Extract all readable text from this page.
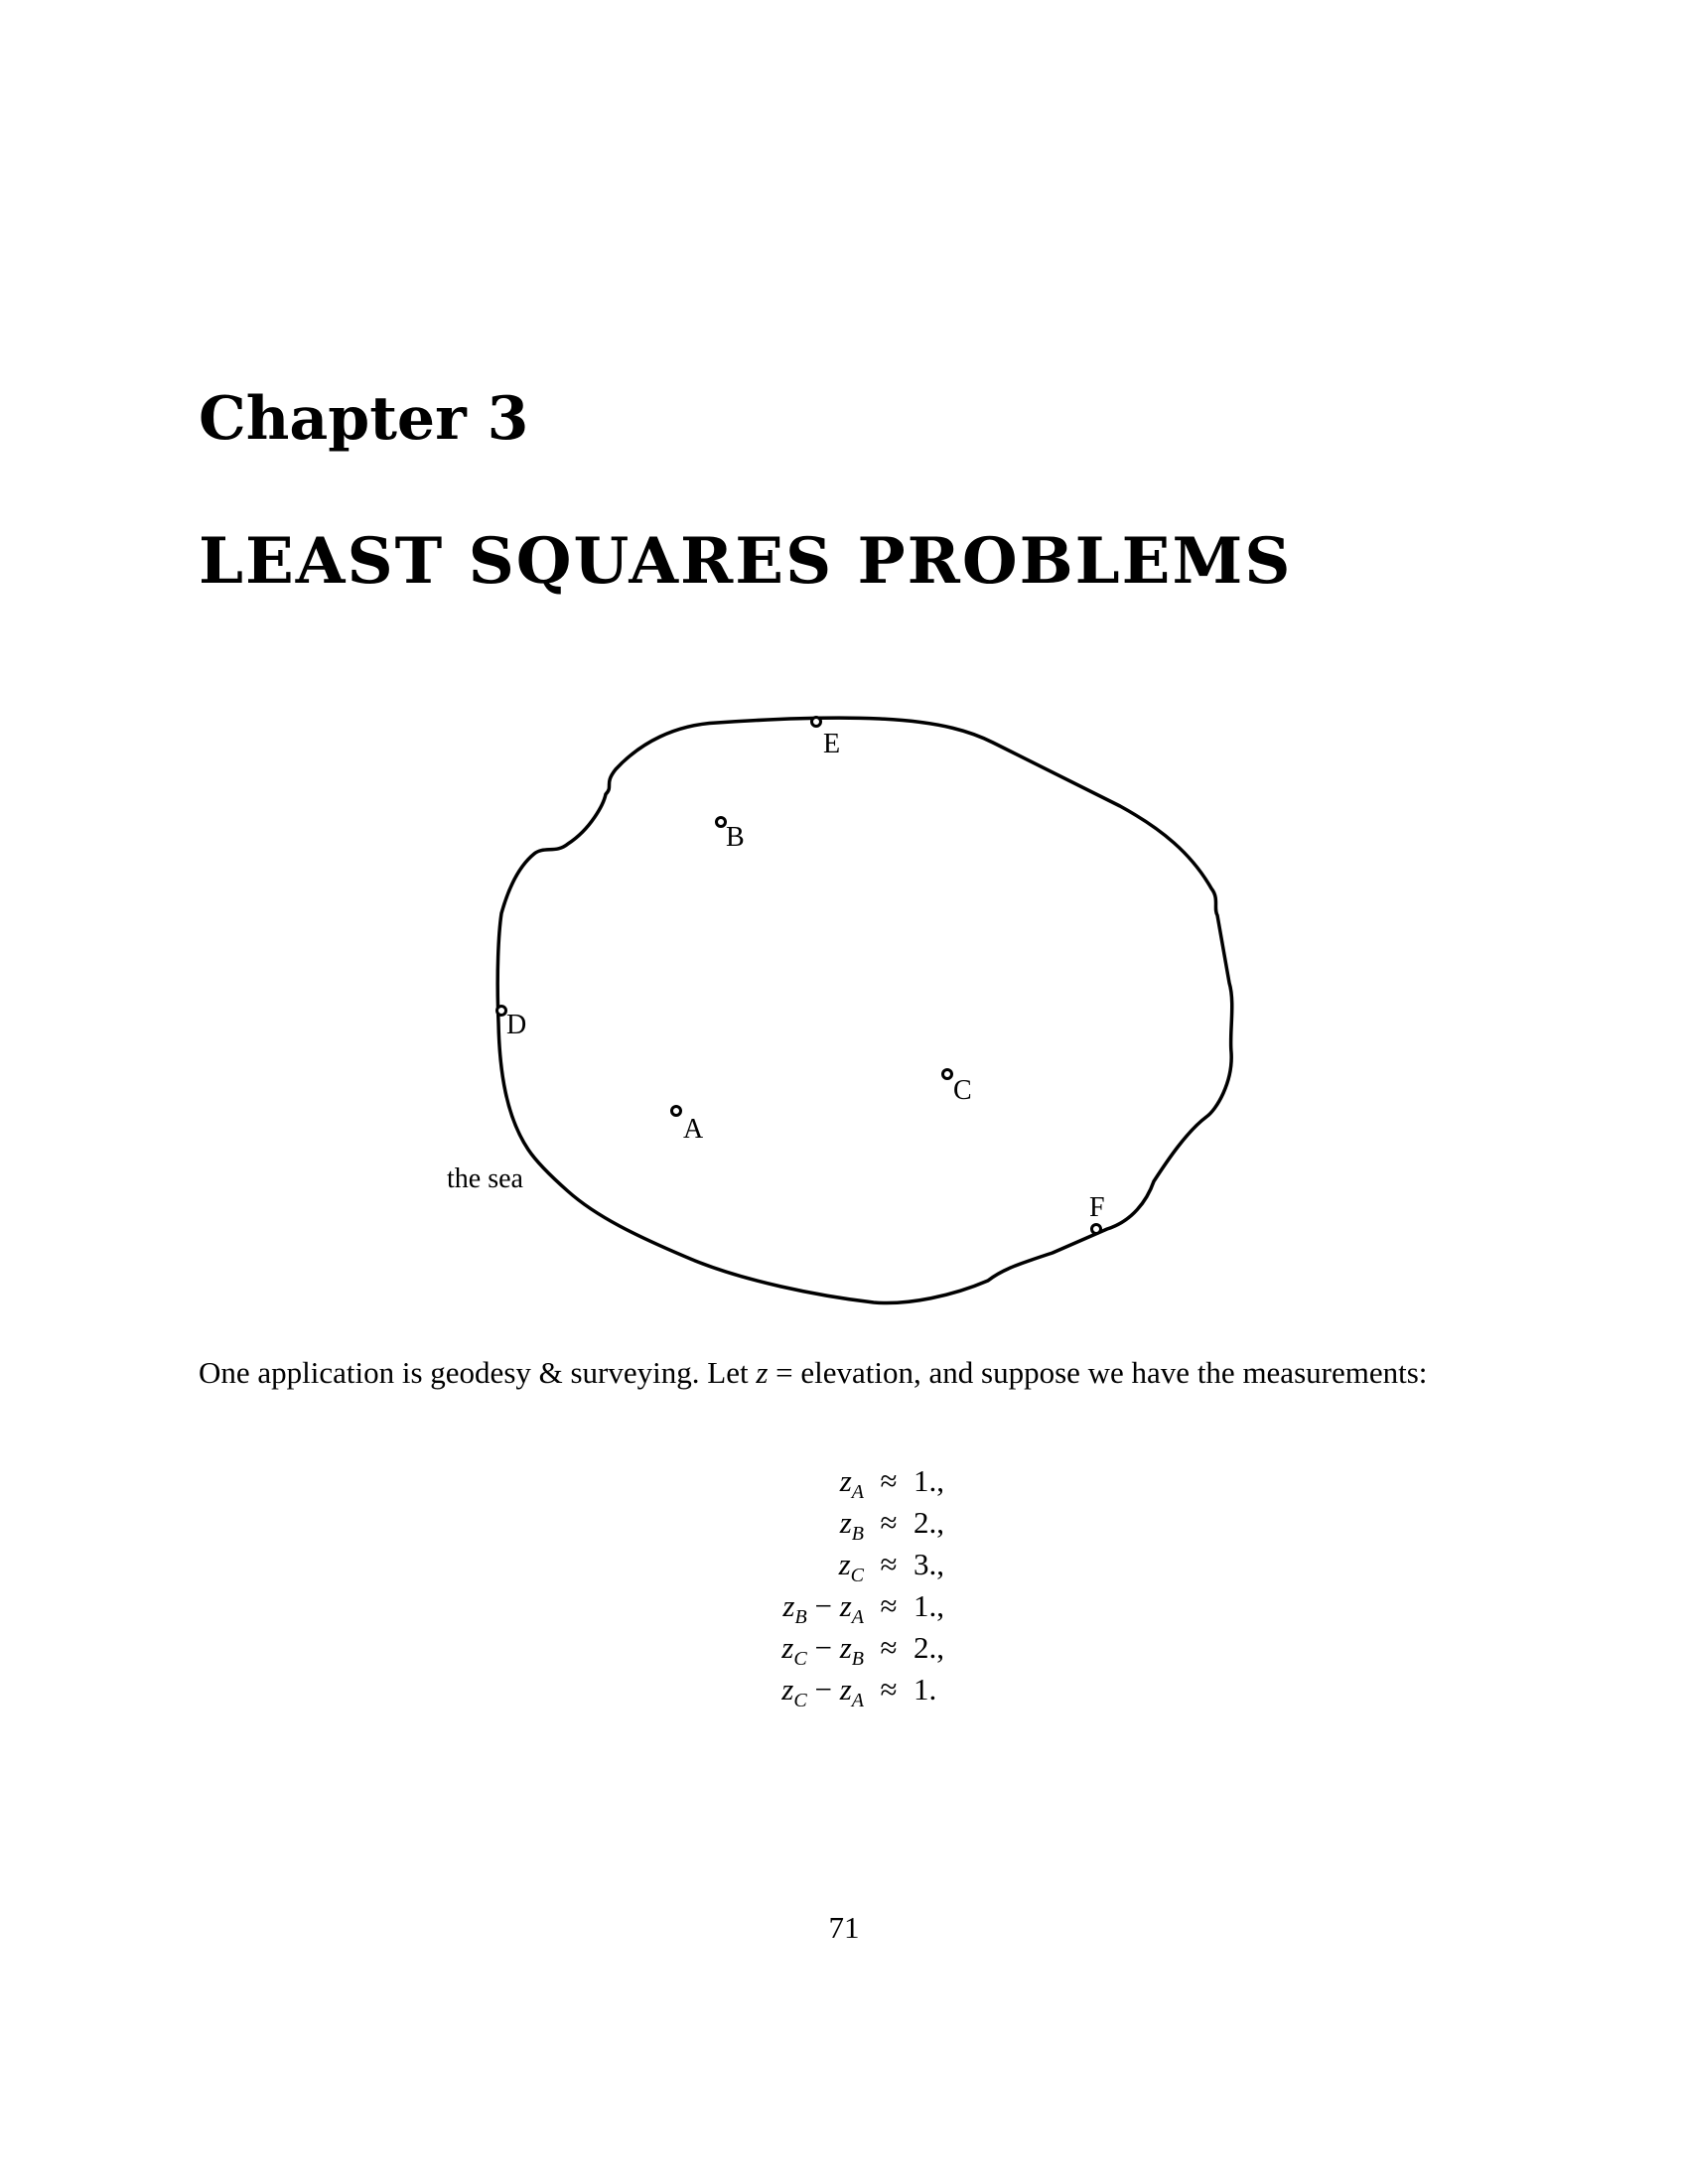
Chapter 3
LEAST SQUARES PROBLEMS
E
B
D
C
A
F
the sea
One application is geodesy & surveying. Let z = elevation, and suppose we have the measurements:
$z_A \approx 1$.,
$z_B \approx 2$.,
$z_C \approx 3$.,
$z_B - z_A \approx 1$.,
$z_C - z_B \approx 2$.,
$z_C - z_A \approx 1$.
71
